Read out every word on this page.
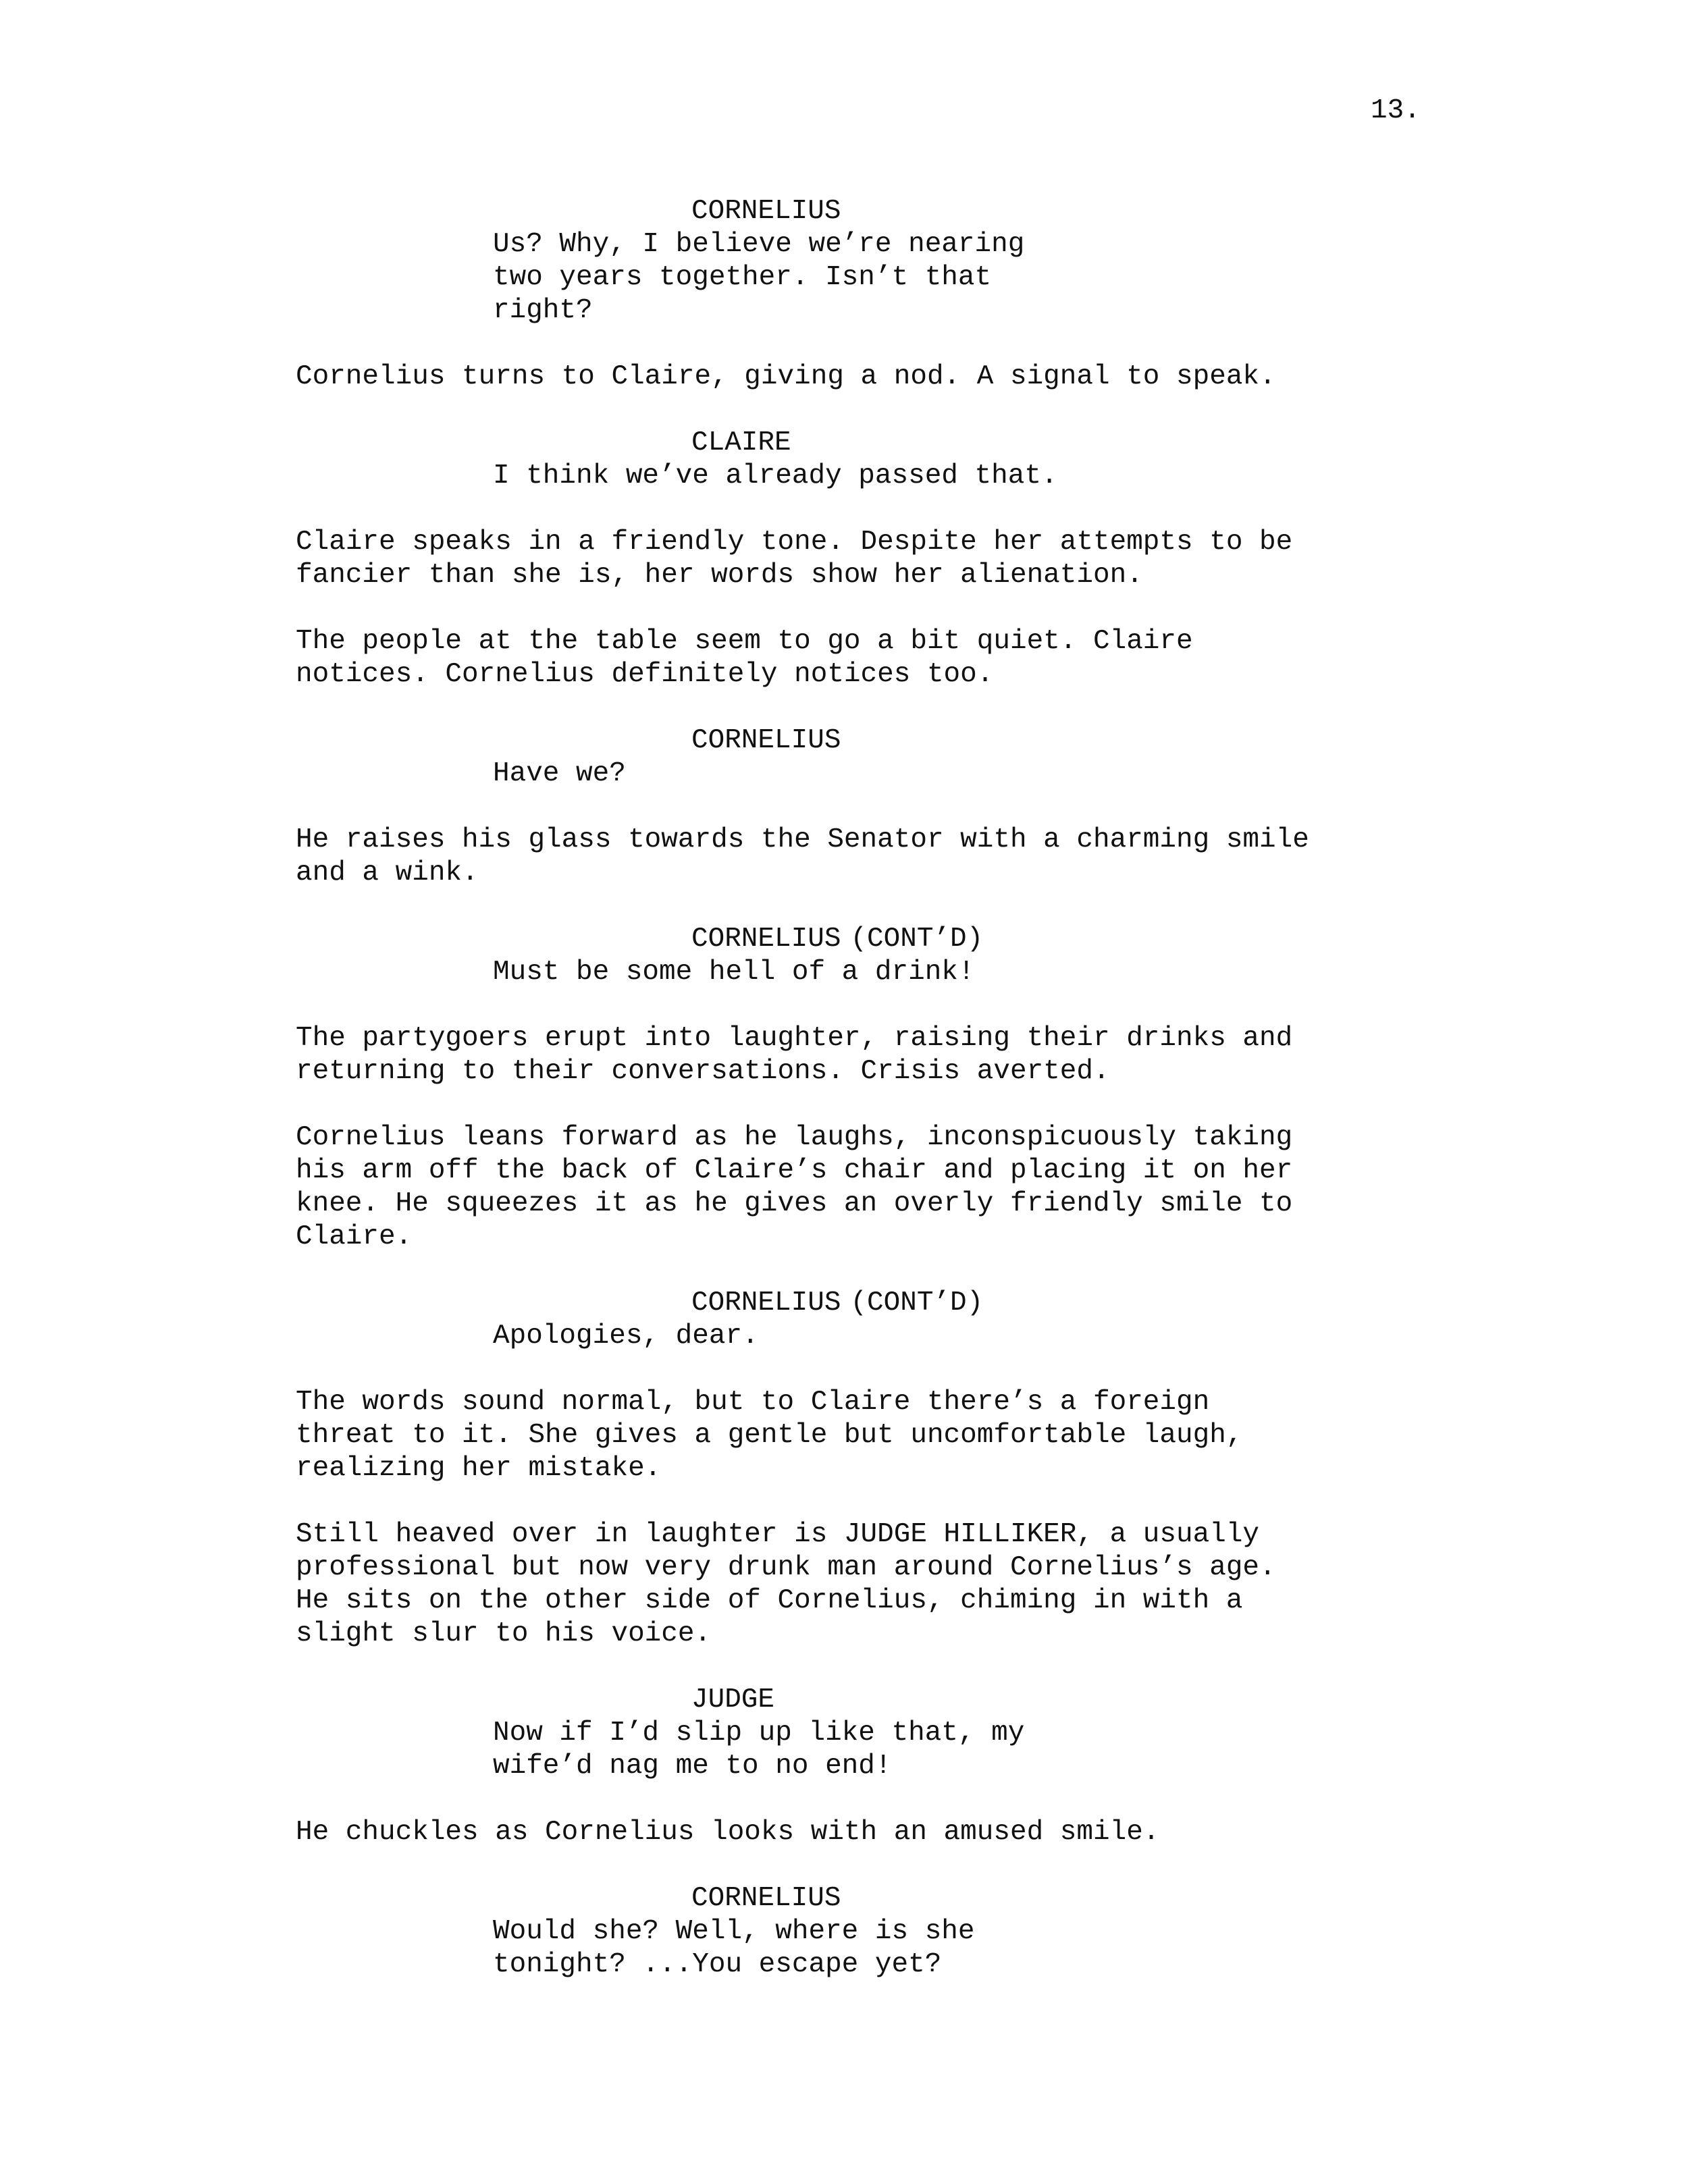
13.
CORNELIUS
Us? Why, I believe we’re nearing
two years together. Isn’t that
right?
Cornelius turns to Claire, giving a nod. A signal to speak.
CLAIRE
I think we’ve already passed that.
Claire speaks in a friendly tone. Despite her attempts to be
fancier than she is, her words show her alienation.
The people at the table seem to go a bit quiet. Claire
notices. Cornelius definitely notices too.
CORNELIUS
Have we?
He raises his glass towards the Senator with a charming smile
and a wink.
CORNELIUS (CONT’D)
Must be some hell of a drink!
The partygoers erupt into laughter, raising their drinks and
returning to their conversations. Crisis averted.
Cornelius leans forward as he laughs, inconspicuously taking
his arm off the back of Claire’s chair and placing it on her
knee. He squeezes it as he gives an overly friendly smile to
Claire.
CORNELIUS (CONT’D)
Apologies, dear.
The words sound normal, but to Claire there’s a foreign
threat to it. She gives a gentle but uncomfortable laugh,
realizing her mistake.
Still heaved over in laughter is JUDGE HILLIKER, a usually
professional but now very drunk man around Cornelius’s age.
He sits on the other side of Cornelius, chiming in with a
slight slur to his voice.
JUDGE
Now if I’d slip up like that, my
wife’d nag me to no end!
He chuckles as Cornelius looks with an amused smile.
CORNELIUS
Would she? Well, where is she
tonight? ...You escape yet?
